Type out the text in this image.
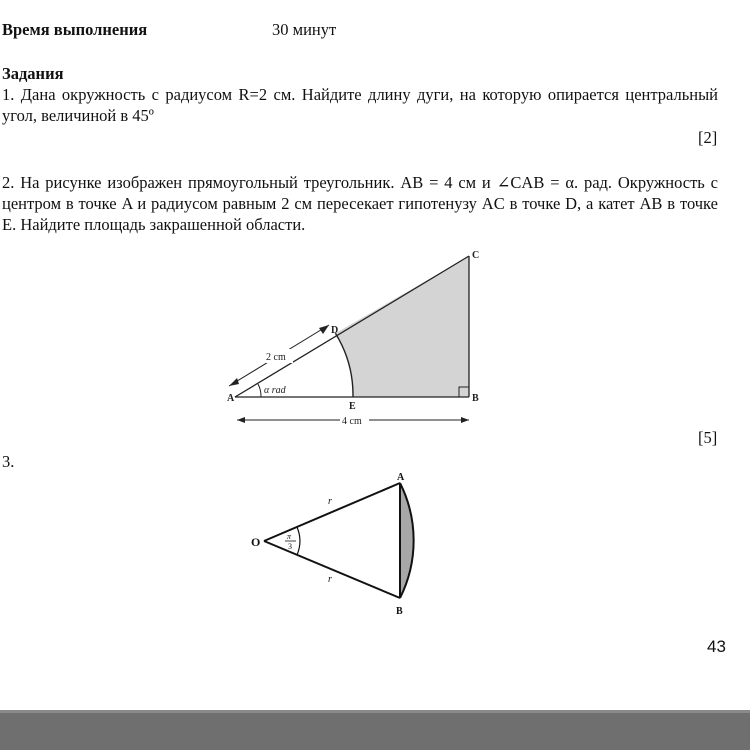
Время выполнения	30 минут
Задания
1. Дана окружность с радиусом R=2 см. Найдите длину дуги, на которую опирается центральный угол, величиной в 45º
[2]
2. На рисунке изображен прямоугольный треугольник. AB = 4 см и ∠CAB = α. рад. Окружность с центром в точке A и радиусом равным 2 см пересекает гипотенузу AC в точке D, а катет AB в точке E. Найдите площадь закрашенной области.
C
D
A	B
E
2 cm
α rad
4 cm
O
A
B
r
r
π
3
[5]
3.
43
